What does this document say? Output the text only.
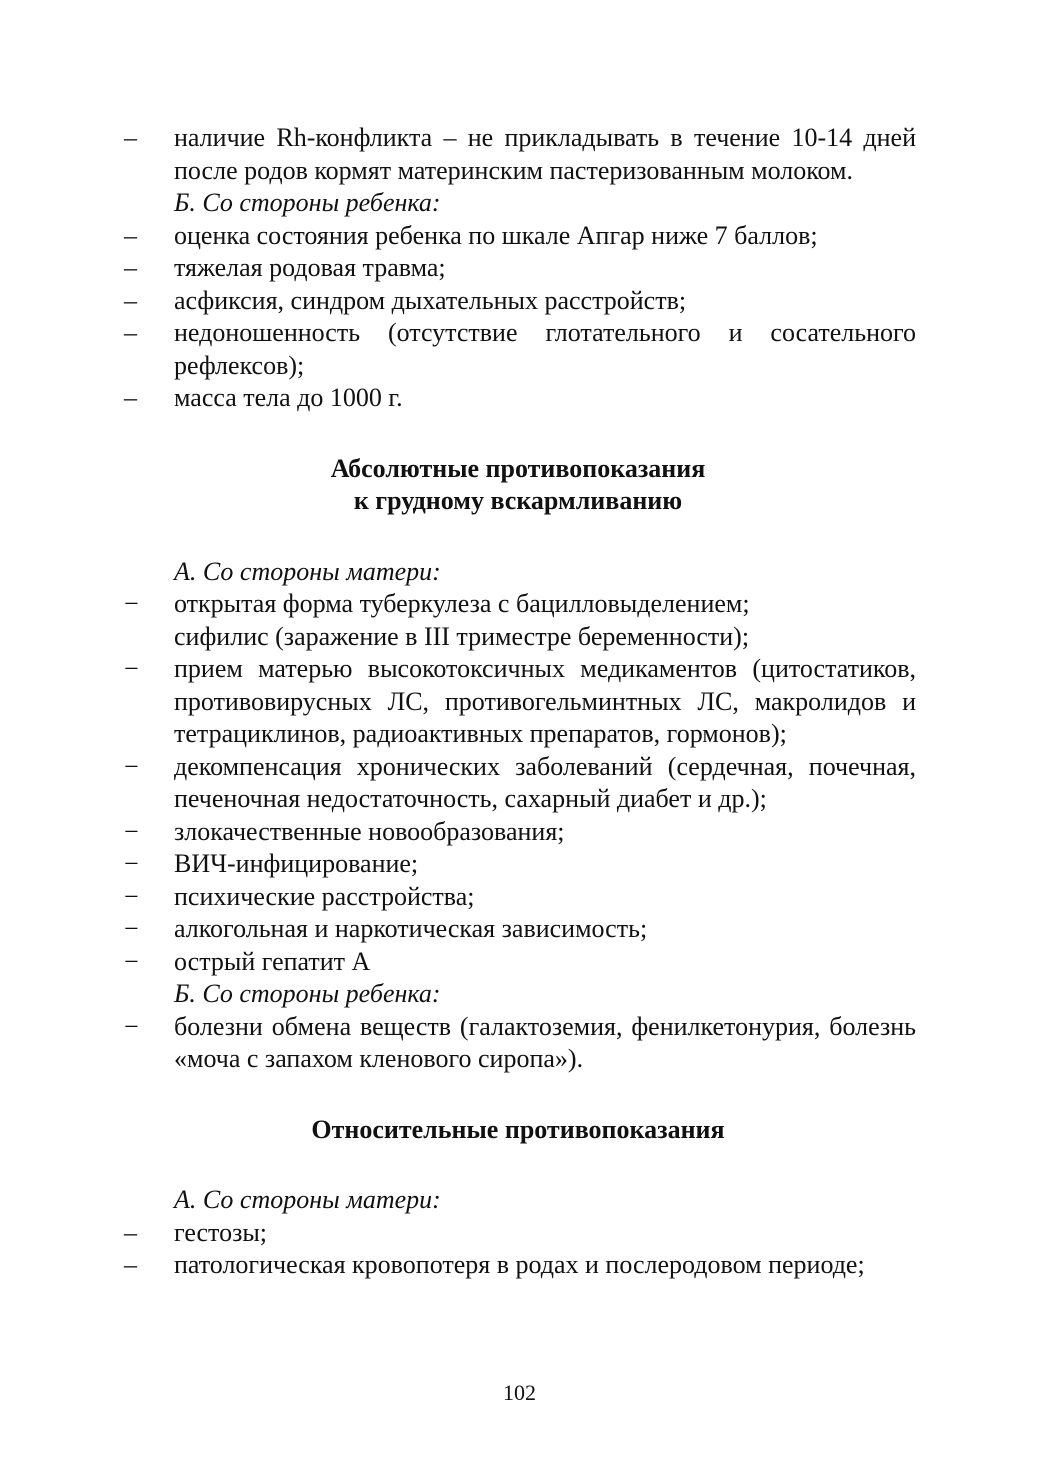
– наличие Rh-конфликта – не прикладывать в течение 10-14 дней после родов кормят материнским пастеризованным молоком.
Б. Со стороны ребенка:
– оценка состояния ребенка по шкале Апгар ниже 7 баллов;
– тяжелая родовая травма;
– асфиксия, синдром дыхательных расстройств;
– недоношенность (отсутствие глотательного и сосательного рефлексов);
– масса тела до 1000 г.
Абсолютные противопоказания
к грудному вскармливанию
А. Со стороны матери:
− открытая форма туберкулеза с бацилловыделением;
сифилис (заражение в III триместре беременности);
− прием матерью высокотоксичных медикаментов (цитостатиков, противовирусных ЛС, противогельминтных ЛС, макролидов и тетрациклинов, радиоактивных препаратов, гормонов);
− декомпенсация хронических заболеваний (сердечная, почечная, печеночная недостаточность, сахарный диабет и др.);
− злокачественные новообразования;
− ВИЧ-инфицирование;
− психические расстройства;
− алкогольная и наркотическая зависимость;
− острый гепатит А
Б. Со стороны ребенка:
− болезни обмена веществ (галактоземия, фенилкетонурия, болезнь «моча с запахом кленового сиропа»).
Относительные противопоказания
А. Со стороны матери:
– гестозы;
– патологическая кровопотеря в родах и послеродовом периоде;
102
